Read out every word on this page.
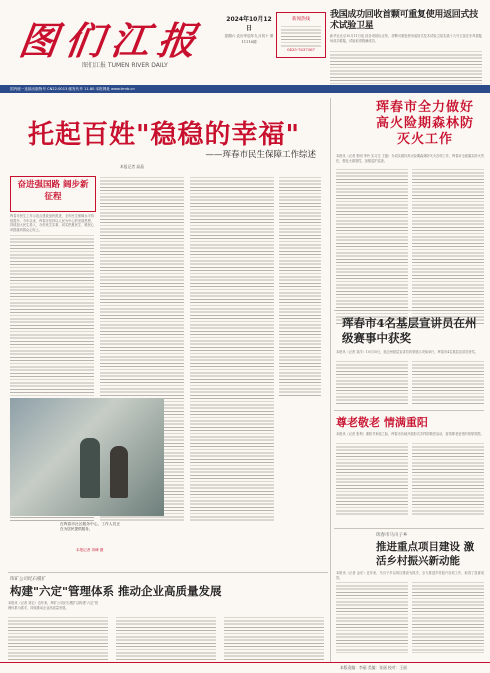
图们江报
图们江报 TUMEN RIVER DAILY
2024年10月12日
星期六 农历甲辰年九月初十 第11116期
新闻热线
0433-7637367
我国成功回收首颗可重复使用返回式技术试验卫星
新华社北京10月11日电 经各项指标正常，首颗可重复使用返回式技术试验卫星实践十九号卫星在东风着陆场成功着陆，试验取得圆满成功。
国内统一连续出版物号 CN22-0013 邮发代号 11-80 本报网址 www.tmrb.cn
托起百姓"稳稳的幸福"
——珲春市民生保障工作综述
本报记者 高晶
奋进强国路 阔步新征程
珲春市民生工作示范点建设加快推进，全市民生保障水平持续提升。今年以来，珲春市坚持以人民为中心的发展思想，持续加大民生投入，办好民生实事，切实把惠民生、暖民心举措落到群众心坎上。
在珲春市社区服务中心，工作人员正在为居民提供服务。
本报记者 刘峰 摄
珲春市全力做好高火险期森林防灭火工作
本报讯（记者 张明 李玲 实习生 王磊）为切实做好高火险期森林防灭火各项工作，珲春市全面落实防火责任，强化火源管控，加强巡护巡查。
珲春市4名基层宣讲员在州级赛事中获奖
本报讯（记者 刘洋）10月10日，延边州基层宣讲员风采展示决赛举行，珲春市4名基层宣讲员获奖。
尊老敬老 情满重阳
本报讯（记者 张利）重阳节来临之际，珲春市各地开展形式多样的敬老活动，营造尊老爱老的浓厚氛围。
珲春市马川子乡
推进重点项目建设 激活乡村振兴新动能
本报讯（记者 金东）近年来，马川子乡以项目建设为抓手，全力推进乡村振兴各项工作，取得了显著成效。
珲矿公司纪石模扩
构建"六定"管理体系 推动企业高质量发展
本报讯（记者 刘宏）近年来，珲矿公司纪石模扩以构建"六定"管理体系为抓手，持续推动企业高质量发展。
本版责编：李丽 美编：张丽 校对：王丽
